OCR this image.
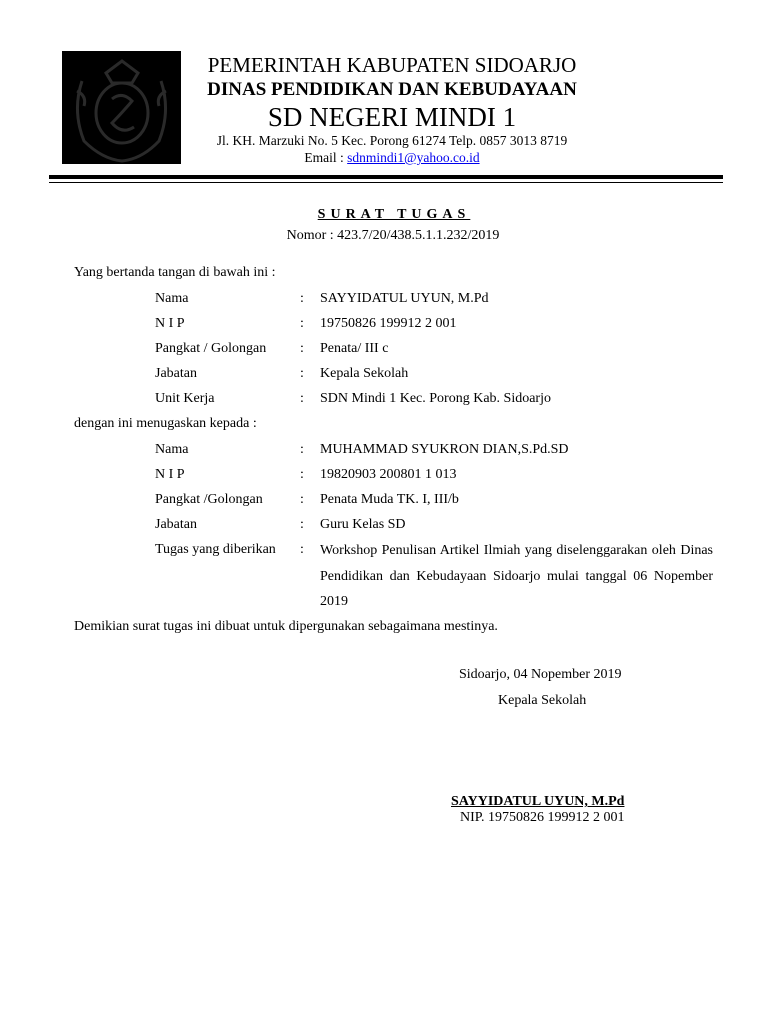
PEMERINTAH KABUPATEN SIDOARJO
DINAS PENDIDIKAN DAN KEBUDAYAAN
SD NEGERI MINDI 1
Jl. KH. Marzuki No. 5 Kec. Porong 61274 Telp. 0857 3013 8719
Email : sdnmindi1@yahoo.co.id
SURAT TUGAS
Nomor : 423.7/20/438.5.1.1.232/2019
Yang bertanda tangan di bawah ini :
Nama	: SAYYIDATUL UYUN, M.Pd
N I P	: 19750826 199912 2 001
Pangkat / Golongan : Penata/ III c
Jabatan	: Kepala Sekolah
Unit Kerja	: SDN Mindi 1 Kec. Porong Kab. Sidoarjo
dengan ini menugaskan kepada :
Nama	: MUHAMMAD SYUKRON DIAN,S.Pd.SD
N I P	: 19820903 200801 1 013
Pangkat /Golongan	: Penata Muda TK. I, III/b
Jabatan	: Guru Kelas SD
Tugas yang diberikan : Workshop Penulisan Artikel Ilmiah yang diselenggarakan oleh Dinas Pendidikan dan Kebudayaan Sidoarjo mulai tanggal 06 Nopember 2019
Demikian surat tugas ini dibuat untuk dipergunakan sebagaimana mestinya.
Sidoarjo, 04 Nopember 2019
Kepala Sekolah
SAYYIDATUL UYUN, M.Pd
NIP. 19750826 199912 2 001
